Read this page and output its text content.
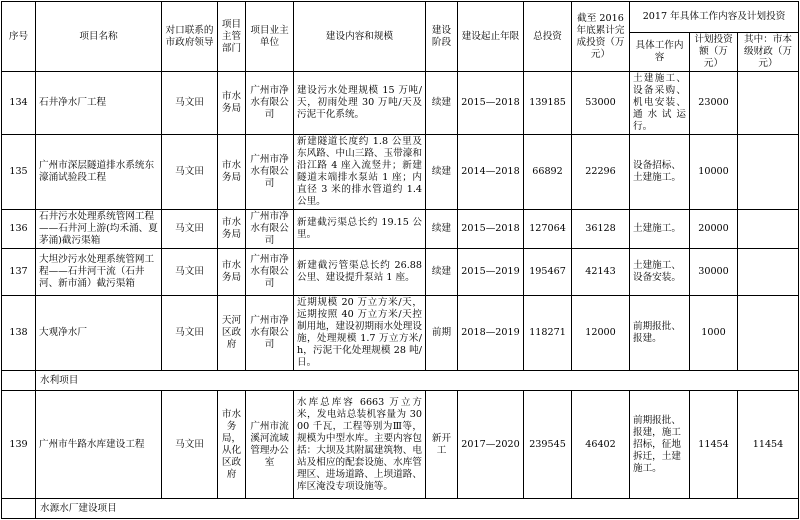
序号	项目名称	对口联系的市政府领导	项目主管部门	项目业主单位	建设内容和规模	建设阶段	建设起止年限	总投资	截至 2016 年底累计完成投资（万元）	2017 年具体工作内容及计划投资		
										具体工作内容	计划投资额（万元）	其中：市本级财政（万元）
134	石井净水厂工程	马文田	市水务局	广州市净水有限公司	建设污水处理规模 15 万吨/天，初雨处理 30 万吨/天及污泥干化系统。	续建	2015—2018	139185	53000	土建施工、设备采购、机电安装、通水试运行。	23000	
135	广州市深层隧道排水系统东濠涌试验段工程	马文田	市水务局	广州市净水有限公司	新建隧道长度约 1.8 公里及东风路、中山三路、玉带濠和沿江路 4 座入流竖井；新建隧道末端排水泵站 1 座；内直径 3 米的排水管道约 1.4 公里。	续建	2014—2018	66892	22296	设备招标、土建施工。	10000	
136	石井污水处理系统管网工程——石井河上游(均禾涌、夏茅涌)截污渠箱	马文田	市水务局	广州市净水有限公司	新建截污渠总长约 19.15 公里。	续建	2015—2018	127064	36128	土建施工。	20000	
137	大坦沙污水处理系统管网工程——石井河干流（石井河、新市涌）截污渠箱	马文田	市水务局	广州市净水有限公司	新建截污管渠总长约 26.88 公里、建设提升泵站 1 座。	续建	2015—2019	195467	42143	土建施工、设备安装。	30000	
138	大观净水厂	马文田	天河区政府	广州市净水有限公司	近期规模 20 万立方米/天，远期按照 40 万立方米/天控制用地，建设初期雨水处理设施，处理规模 1.7 万立方米/h，污泥干化处理规模 28 吨/日。	前期	2018—2019	118271	12000	前期报批、报建。	1000	
	水利项目											
139	广州市牛路水库建设工程	马文田	市水务局，从化区政府	广州市流溪河流域管理办公室	水库总库容 6663 万立方米，发电站总装机容量为 3000 千瓦，工程等别为Ⅲ等，规模为中型水库。主要内容包括：大坝及其附属建筑物、电站及相应的配套设施、水库管理区、进场道路、上坝道路、库区淹没专项设施等。	新开工	2017—2020	239545	46402	前期报批、报建，施工招标，征地拆迁，土建施工。	11454	11454
	水源水厂建设项目											
